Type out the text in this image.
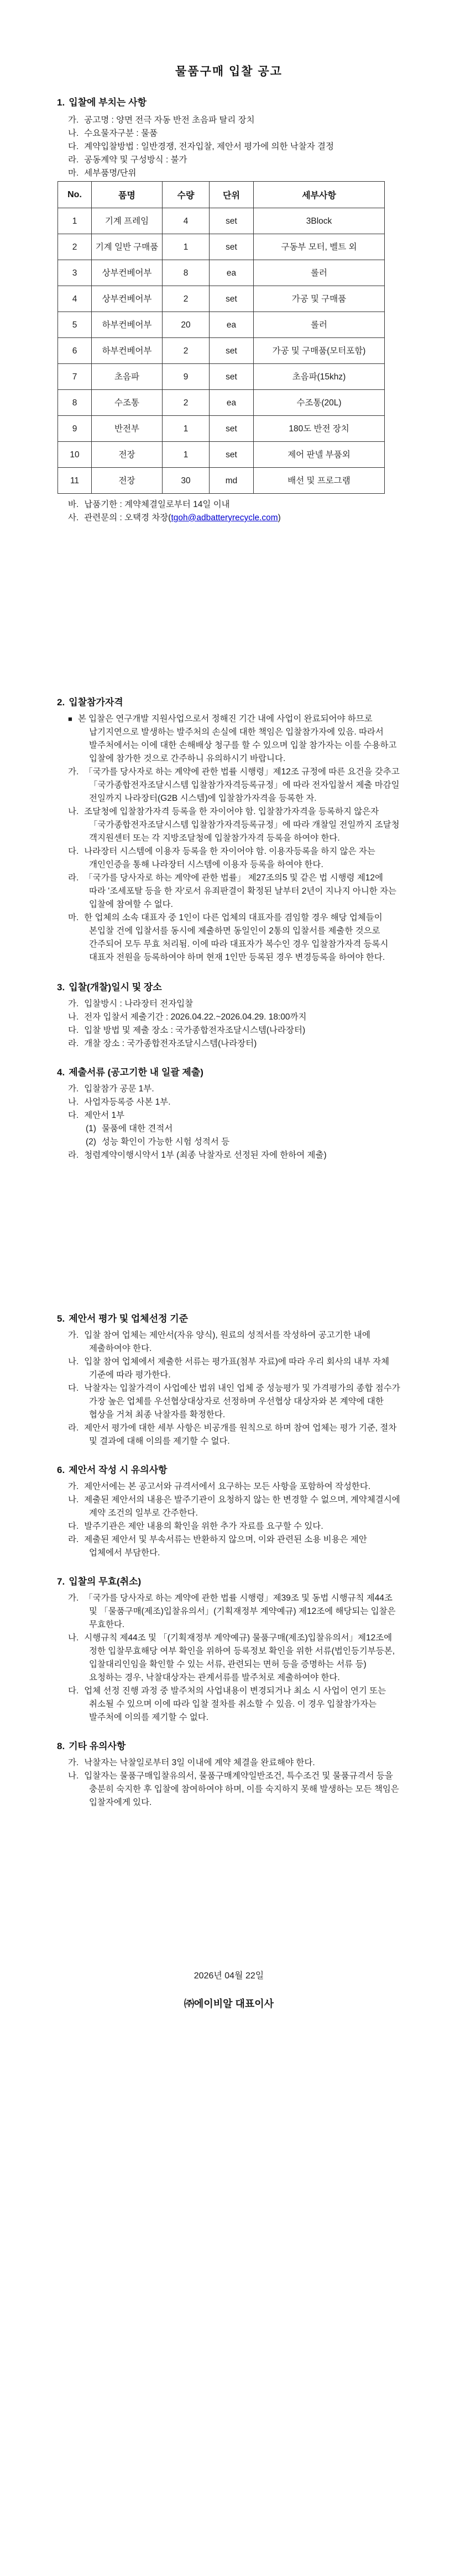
물품구매 입찰 공고
1. 입찰에 부치는 사항

가. 공고명 : 양면 전극 자동 반전 초음파 탈리 장치

나. 수요물자구분 : 물품

다. 계약입찰방법 : 일반경쟁, 전자입찰, 제안서 평가에 의한 낙찰자 결정

라. 공동계약 및 구성방식 : 불가

마. 세부품명/단위

No.	품명	수량	단위	세부사항
1	기계 프레임	4	set	3Block
2	기계 일반 구매품	1	set	구동부 모터, 벨트 외
3	상부컨베어부	8	ea	롤러
4	상부컨베어부	2	set	가공 및 구매품
5	하부컨베어부	20	ea	롤러
6	하부컨베어부	2	set	가공 및 구매품(모터포함)
7	초음파	9	set	초음파(15khz)
8	수조통	2	ea	수조통(20L)
9	반전부	1	set	180도 반전 장치
10	전장	1	set	제어 판넬 부품외
11	전장	30	md	배선 및 프로그램

바. 납품기한 : 계약체결일로부터 14일 이내

사. 관련문의 : 오택경 차장(tgoh@adbatteryrecycle.com)

2. 입찰참가자격

■ 본 입찰은 연구개발 지원사업으로서 정해진 기간 내에 사업이 완료되어야 하므로 납기지연으로 발생하는 발주처의 손실에 대한 책임은 입찰참가자에 있음. 따라서 발주처에서는 이에 대한 손해배상 청구를 할 수 있으며 입찰 참가자는 이를 수용하고 입찰에 참가한 것으로 간주하니 유의하시기 바랍니다.

가. 「국가를 당사자로 하는 계약에 관한 법률 시행령」제12조 규정에 따른 요건을 갖추고「국가종합전자조달시스템 입찰참가자격등록규정」에 따라 전자입찰서 제출 마감일 전일까지 나라장터(G2B 시스템)에 입찰참가자격을 등록한 자.

나. 조달청에 입찰참가자격 등록을 한 자이어야 함. 입찰참가자격을 등록하지 않은자 「국가종합전자조달시스템 입찰참가자격등록규정」에 따라 개찰일 전일까지 조달청 객지원센터 또는 각 지방조달청에 입찰참가자격 등록을 하여야 한다.

다. 나라장터 시스템에 이용자 등록을 한 자이어야 함. 이용자등록을 하지 않은 자는 개인인증을 통해 나라장터 시스템에 이용자 등록을 하여야 한다.

라. 「국가를 당사자로 하는 계약에 관한 법률」 제27조의5 및 같은 법 시행령 제12에 따라 '조세포탈 등을 한 자'로서 유죄판결이 확정된 날부터 2년이 지나지 아니한 자는 입찰에 참여할 수 없다.

마. 한 업체의 소속 대표자 중 1인이 다른 업체의 대표자를 겸임할 경우 해당 업체들이 본입찰 건에 입찰서를 동시에 제출하면 동일인이 2통의 입찰서를 제출한 것으로 간주되어 모두 무효 처리됨. 이에 따라 대표자가 복수인 경우 입찰참가자격 등록시 대표자 전원을 등록하여야 하며 현재 1인만 등록된 경우 변경등록을 하여야 한다.

3. 입찰(개찰)일시 및 장소

가. 입찰방시 : 나라장터 전자입찰

나. 전자 입찰서 제출기간 : 2026.04.22.~2026.04.29. 18:00까지

다. 입찰 방법 및 제출 장소 : 국가종합전자조달시스템(나라장터)

라. 개찰 장소 : 국가종합전자조달시스템(나라장터)

4. 제출서류 (공고기한 내 일괄 제출)

가. 입찰참가 공문 1부.

나. 사업자등록증 사본 1부.

다. 제안서 1부

(1) 물품에 대한 견적서

(2) 성능 확인이 가능한 시험 성적서 등

라. 청렴계약이행시약서 1부 (최종 낙찰자로 선정된 자에 한하여 제출)

5. 제안서 평가 및 업체선정 기준

가. 입찰 참여 업체는 제안서(자유 양식), 원료의 성적서를 작성하여 공고기한 내에 제출하여야 한다.

나. 입찰 참여 업체에서 제출한 서류는 평가표(첨부 자료)에 따라 우리 회사의 내부 자체 기준에 따라 평가한다.

다. 낙찰자는 입찰가격이 사업예산 법위 내인 업체 중 성능평가 및 가격평가의 종합 점수가 가장 높은 업체를 우선협상대상자로 선정하며 우선협상 대상자와 본 계약에 대한 협상을 거쳐 최종 낙찰자를 확정한다.

라. 제안서 평가에 대한 세부 사항은 비공개를 원칙으로 하며 참여 업체는 평가 기준, 절차 및 결과에 대해 이의를 제기할 수 없다.

6. 제안서 작성 시 유의사항

가. 제안서에는 본 공고서와 규격서에서 요구하는 모든 사항을 포함하여 작성한다.

나. 제출된 제안서의 내용은 발주기관이 요청하지 않는 한 변경할 수 없으며, 계약체결시에 계약 조건의 일부로 간주한다.

다. 발주기관은 제안 내용의 확인을 위한 추가 자료를 요구할 수 있다.

라. 제출된 제안서 및 부속서류는 반환하지 않으며, 이와 관련된 소용 비용은 제안 업체에서 부담한다.

7. 입찰의 무효(취소)

가. 「국가를 당사자로 하는 계약에 관한 법률 시행령」제39조 및 동법 시행규칙 제44조 및 「물품구매(제조)입찰유의서」(기획재정부 계약예규) 제12조에 해당되는 입찰은 무효한다.

나. 시행규칙 제44조 및 「(기획재정부 계약예규) 물품구매(제조)입찰유의서」제12조에 정한 입찰무효해당 여부 확인을 위하여 등록정보 확인을 위한 서류(법인등기부등본, 입찰대리인임을 확인할 수 있는 서류, 관련되는 면허 등을 증명하는 서류 등) 요청하는 경우, 낙찰대상자는 관계서류를 발주처로 제출하여야 한다.

다. 업체 선정 진행 과정 중 발주처의 사업내용이 변경되거나 최소 시 사업이 연기 또는 취소될 수 있으며 이에 따라 입찰 절차를 취소할 수 있음. 이 경우 입찰참가자는 발주처에 이의를 제기할 수 없다.

8. 기타 유의사항

가. 낙찰자는 낙찰일로부터 3일 이내에 계약 체결을 완료해야 한다.

나. 입찰자는 물품구매입찰유의서, 물품구매계약일반조건, 특수조건 및 물품규격서 등을 충분히 숙지한 후 입찰에 참여하여야 하며, 이를 숙지하지 못해 발생하는 모든 책임은 입찰자에게 있다.

2026년 04월 22일

㈜에이비알 대표이사
